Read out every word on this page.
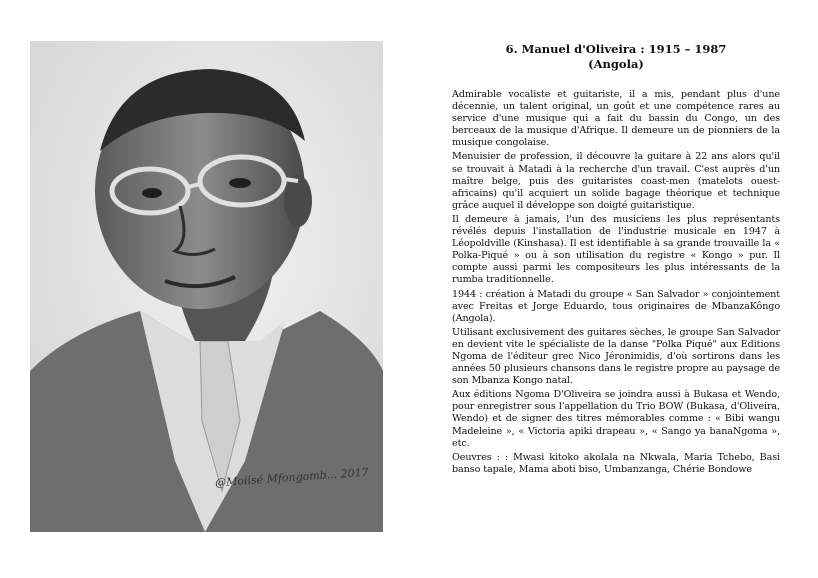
@Moiisé Mfongomb... 2017
6. Manuel d'Oliveira : 1915 – 1987
(Angola)

Admirable vocaliste et guitariste, il a mis, pendant plus d'une décennie, un talent original, un goût et une compétence rares au service d'une musique qui a fait du bassin du Congo, un des berceaux de la musique d'Afrique. Il demeure un de pionniers de la musique congolaise.

Menuisier de profession, il découvre la guitare à 22 ans alors qu'il se trouvait à Matadi à la recherche d'un travail. C'est auprès d'un maître belge, puis des guitaristes coast-men (matelots ouest-africains) qu'il acquiert un solide bagage théorique et technique grâce auquel il développe son doigté guitaristique.

Il demeure à jamais, l'un des musiciens les plus représentants révélés depuis l'installation de l'industrie musicale en 1947 à Léopoldville (Kinshasa). Il est identifiable à sa grande trouvaille la « Polka-Piqué » ou à son utilisation du registre « Kongo » pur. Il compte aussi parmi les compositeurs les plus intéressants de la rumba traditionnelle.

1944 : création à Matadi du groupe « San Salvador » conjointement avec Freitas et Jorge Eduardo, tous originaires de MbanzaKôngo (Angola).

Utilisant exclusivement des guitares sèches, le groupe San Salvador en devient vite le spécialiste de la danse "Polka Piqué" aux Editions Ngoma de l'éditeur grec Nico Jéronimidis, d'où sortirons dans les années 50 plusieurs chansons dans le registre propre au paysage de son Mbanza Kongo natal.

Aux éditions Ngoma D'Oliveira se joindra aussi à Bukasa et Wendo, pour enregistrer sous l'appellation du Trio BOW (Bukasa, d'Oliveira, Wendo) et de signer des titres mémorables comme : « Bibi wangu Madeleine », « Victoria apiki drapeau », « Sango ya banaNgoma », etc.

Oeuvres : : Mwasi kitoko akolala na Nkwala, Maria Tchebo, Basi banso tapale, Mama aboti biso, Umbanzanga, Chérie Bondowe
